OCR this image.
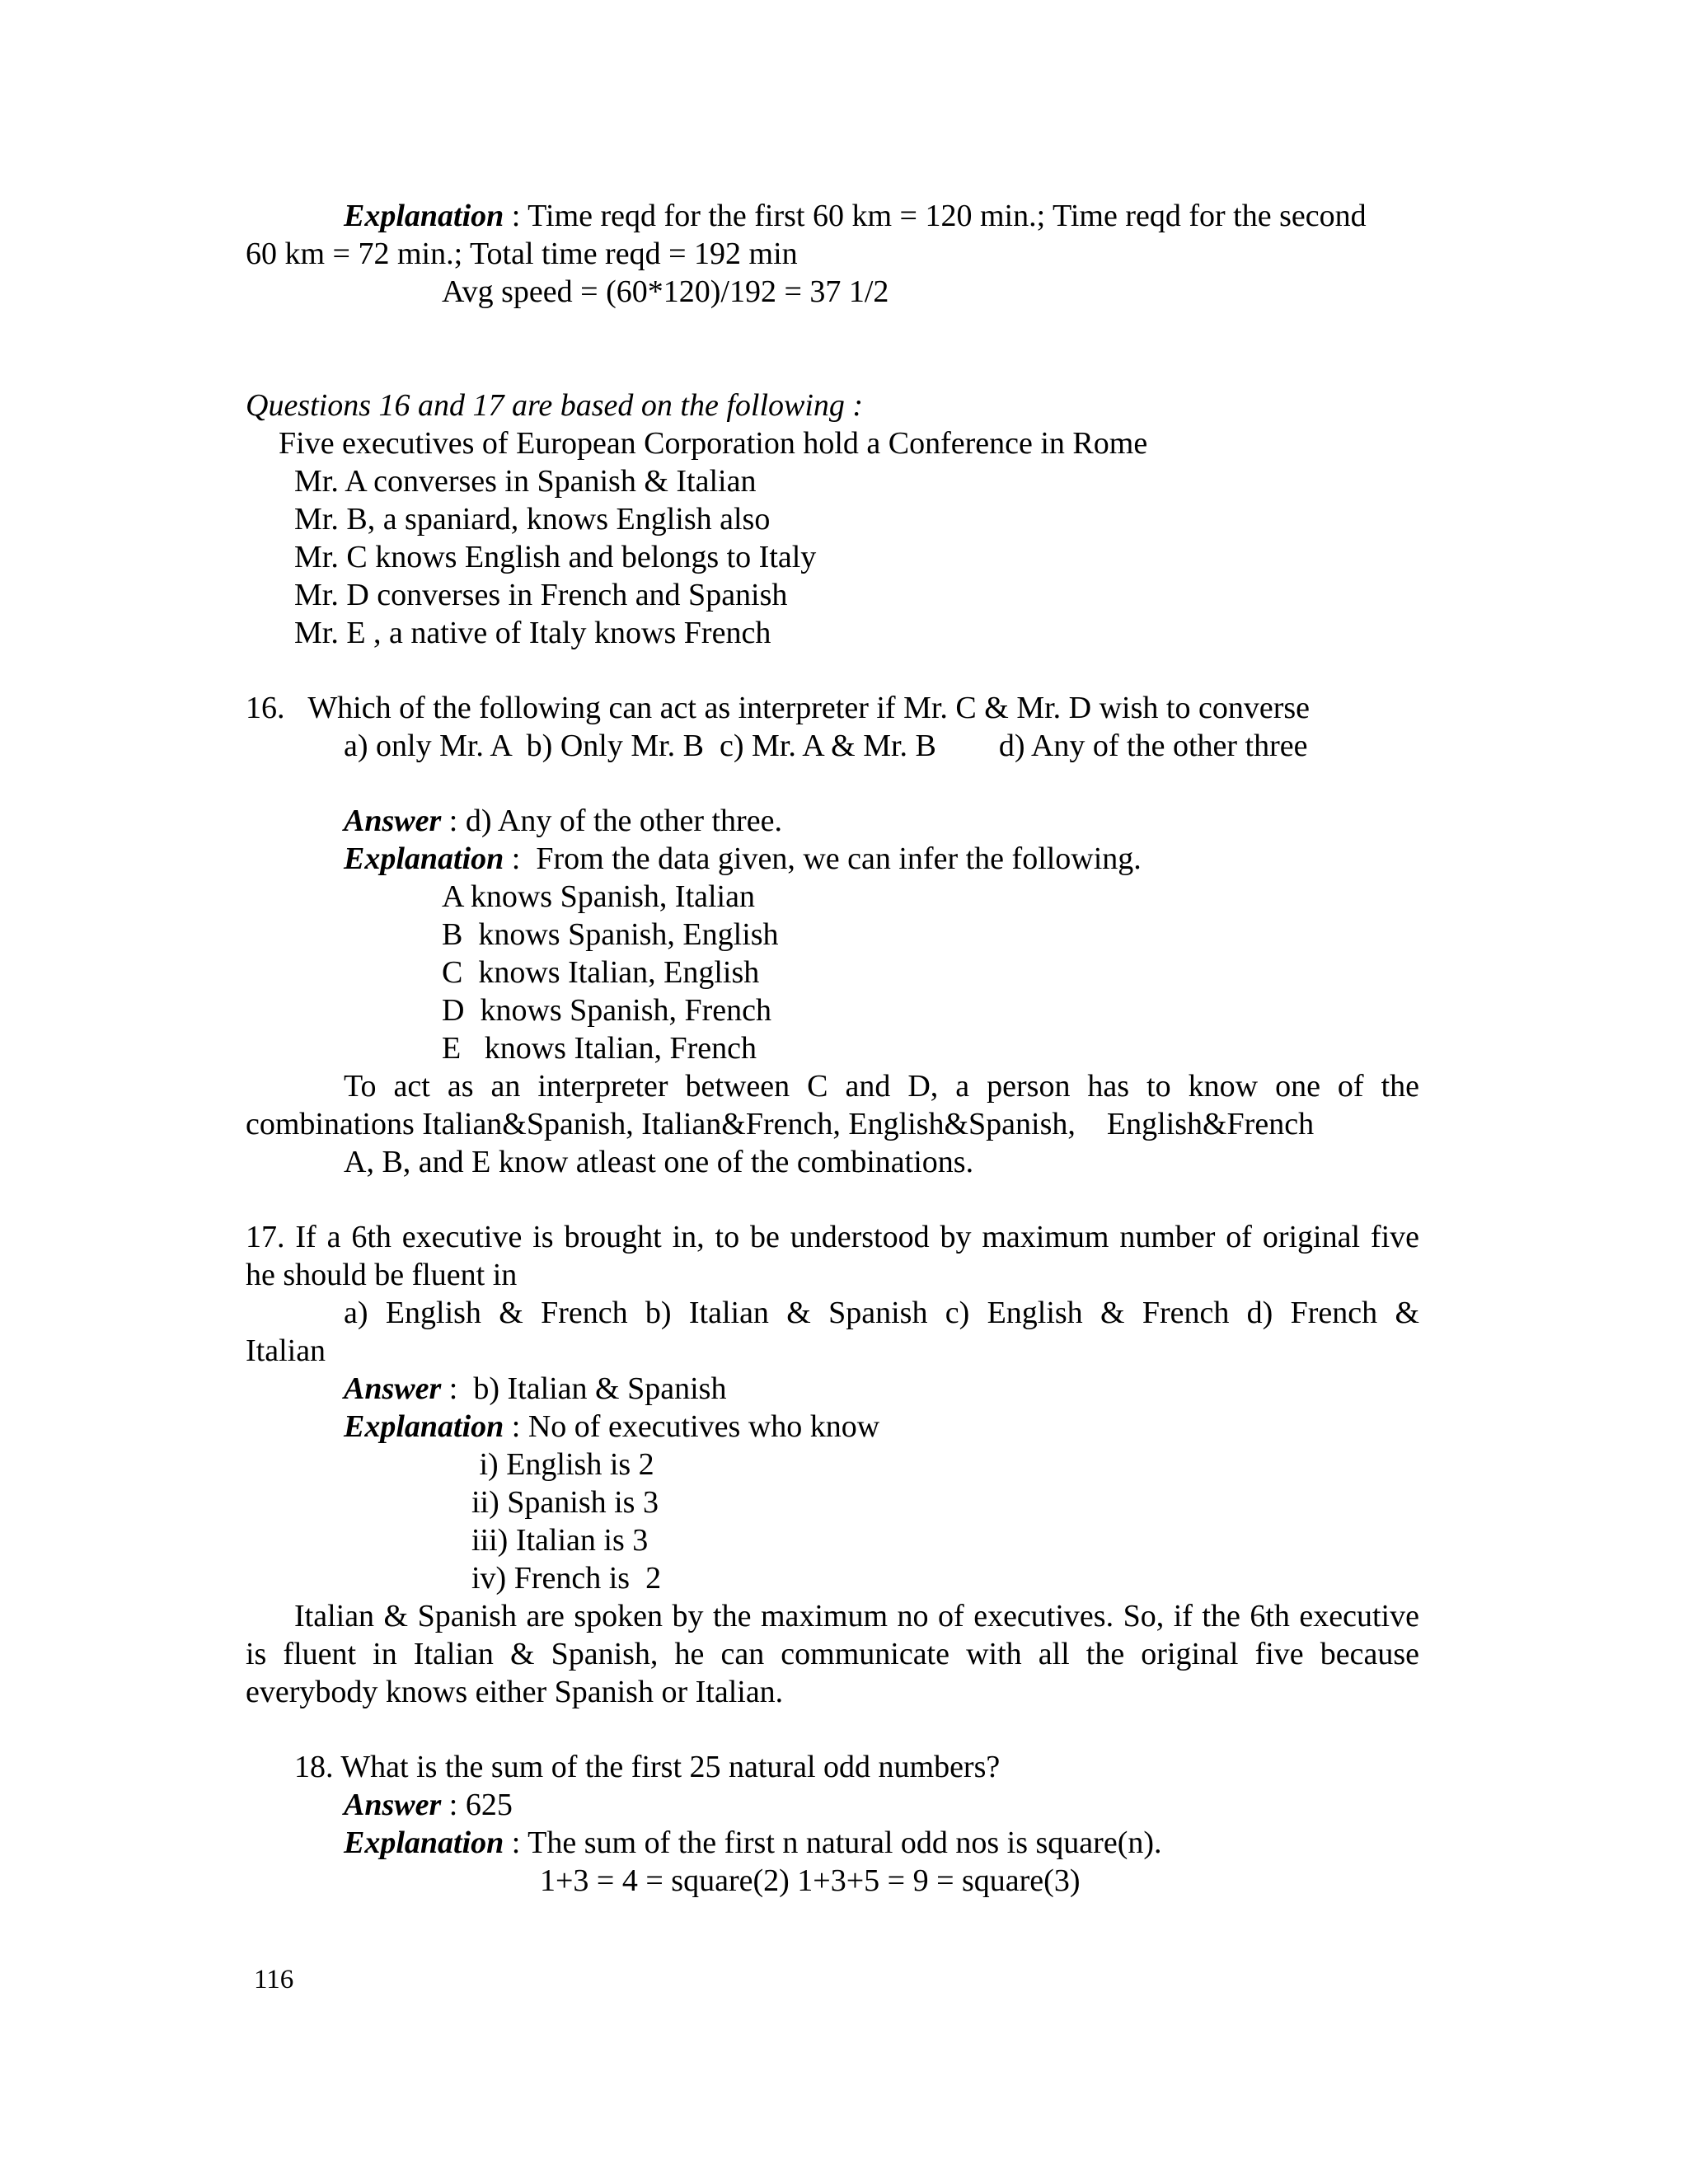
Explanation : Time reqd for the first 60 km = 120 min.; Time reqd for the second
60 km = 72 min.; Total time reqd = 192 min
Avg speed = (60*120)/192 = 37 1/2
Questions 16 and 17 are based on the following :
Five executives of European Corporation hold a Conference in Rome
Mr. A converses in Spanish & Italian
Mr. B, a spaniard, knows English also
Mr. C knows English and belongs to Italy
Mr. D converses in French and Spanish
Mr. E , a native of Italy knows French
16.   Which of the following can act as interpreter if Mr. C & Mr. D wish to converse
a) only Mr. A  b) Only Mr. B  c) Mr. A & Mr. B        d) Any of the other three
Answer : d) Any of the other three.
Explanation :  From the data given, we can infer the following.
A knows Spanish, Italian
B  knows Spanish, English
C  knows Italian, English
D  knows Spanish, French
E   knows Italian, French
To act as an interpreter between C and D, a person has to know one of the
combinations Italian&Spanish, Italian&French, English&Spanish,    English&French
A, B, and E know atleast one of the combinations.
17. If a 6th executive is brought in, to be understood by maximum number of original five
he should be fluent in
a) English & French b) Italian & Spanish c) English & French d) French &
Italian
Answer :  b) Italian & Spanish
Explanation : No of executives who know
i) English is 2
ii) Spanish is 3
iii) Italian is 3
iv) French is  2
Italian & Spanish are spoken by the maximum no of executives. So, if the 6th executive
is fluent in Italian & Spanish, he can communicate with all the original five because
everybody knows either Spanish or Italian.
18. What is the sum of the first 25 natural odd numbers?
Answer : 625
Explanation : The sum of the first n natural odd nos is square(n).
1+3 = 4 = square(2) 1+3+5 = 9 = square(3)
116
